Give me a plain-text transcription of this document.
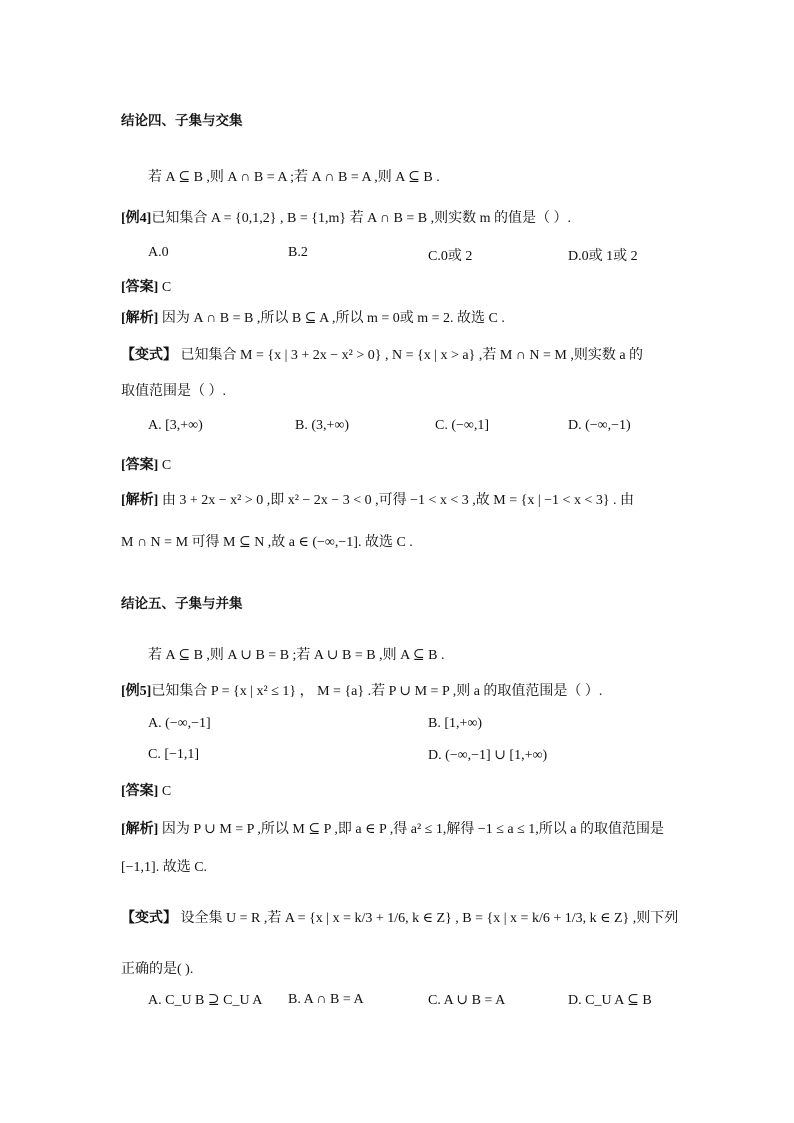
结论四、子集与交集
若 A ⊆ B ,则 A ∩ B = A ;若 A ∩ B = A ,则 A ⊆ B .
[例4]已知集合 A = {0,1,2} , B = {1,m} 若 A ∩ B = B ,则实数 m 的值是（ ）.
A.0	B.2	C.0或 2	D.0或 1或 2
[答案] C
[解析] 因为 A ∩ B = B ,所以 B ⊆ A ,所以 m = 0或 m = 2. 故选 C .
【变式】 已知集合 M = {x | 3 + 2x − x² > 0} , N = {x | x > a} ,若 M ∩ N = M ,则实数 a 的
取值范围是（ ）.
A. [3,+∞)	B. (3,+∞)	C. (−∞,1]	D. (−∞,−1)
[答案] C
[解析] 由 3 + 2x − x² > 0 ,即 x² − 2x − 3 < 0 ,可得 −1 < x < 3 ,故 M = {x | −1 < x < 3} . 由
M ∩ N = M 可得 M ⊆ N ,故 a ∈ (−∞,−1]. 故选 C .
结论五、子集与并集
若 A ⊆ B ,则 A ∪ B = B ;若 A ∪ B = B ,则 A ⊆ B .
[例5]已知集合 P = {x | x² ≤ 1} ， M = {a} .若 P ∪ M = P ,则 a 的取值范围是（ ）.
A. (−∞,−1]	B. [1,+∞)
C. [−1,1]	D. (−∞,−1] ∪ [1,+∞)
[答案] C
[解析] 因为 P ∪ M = P ,所以 M ⊆ P ,即 a ∈ P ,得 a² ≤ 1,解得 −1 ≤ a ≤ 1,所以 a 的取值范围是
[−1,1]. 故选 C.
【变式】 设全集 U = R ,若 A = {x | x = k/3 + 1/6, k ∈ Z} , B = {x | x = k/6 + 1/3, k ∈ Z} ,则下列
正确的是( ).
A. C_U B ⊇ C_U A B. A ∩ B = A	C. A ∪ B = A	D. C_U A ⊆ B
